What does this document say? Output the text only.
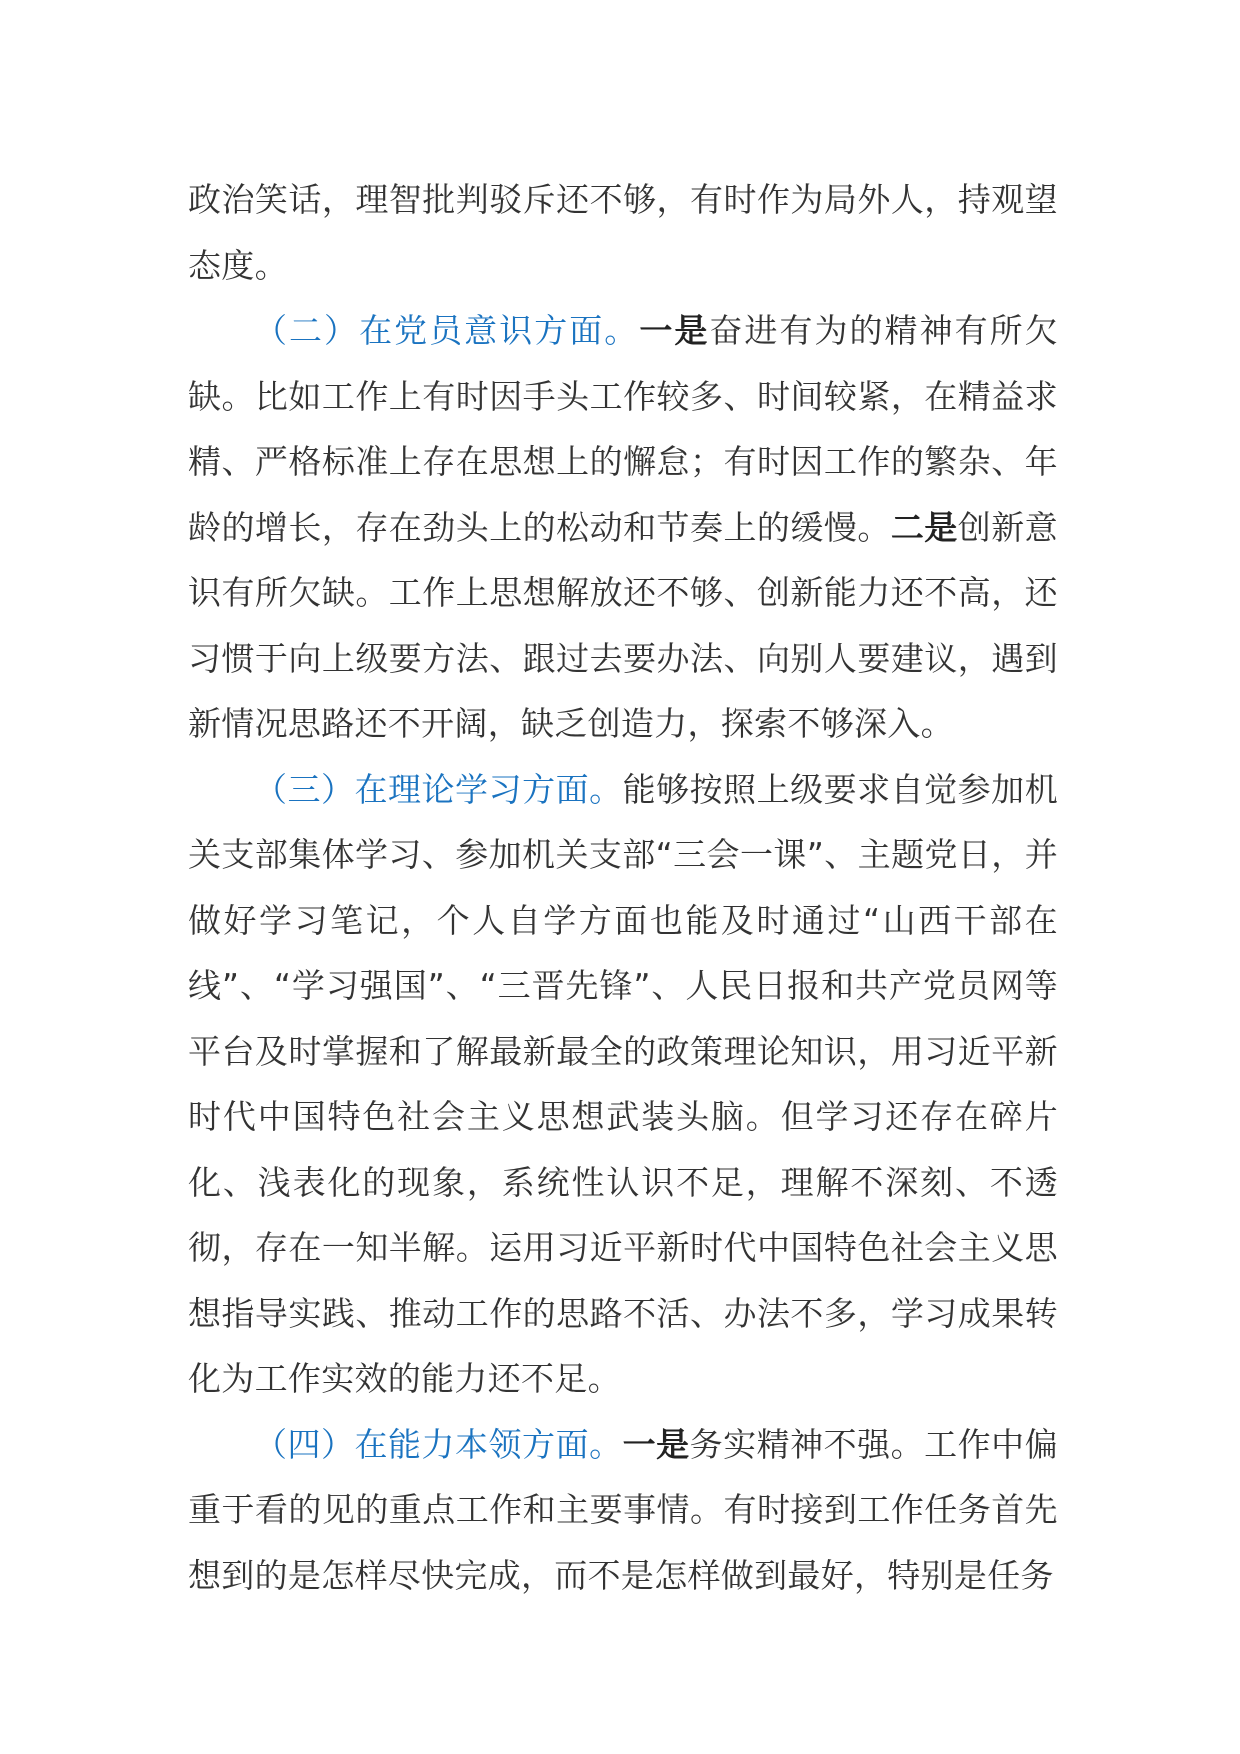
政治笑话，理智批判驳斥还不够，有时作为局外人，持观望态度。

（二）在党员意识方面。一是奋进有为的精神有所欠缺。比如工作上有时因手头工作较多、时间较紧，在精益求精、严格标准上存在思想上的懈怠；有时因工作的繁杂、年龄的增长，存在劲头上的松动和节奏上的缓慢。二是创新意识有所欠缺。工作上思想解放还不够、创新能力还不高，还习惯于向上级要方法、跟过去要办法、向别人要建议，遇到新情况思路还不开阔，缺乏创造力，探索不够深入。

（三）在理论学习方面。能够按照上级要求自觉参加机关支部集体学习、参加机关支部“三会一课”、主题党日，并做好学习笔记，个人自学方面也能及时通过“山西干部在线”、“学习强国”、“三晋先锋”、人民日报和共产党员网等平台及时掌握和了解最新最全的政策理论知识，用习近平新时代中国特色社会主义思想武装头脑。但学习还存在碎片化、浅表化的现象，系统性认识不足，理解不深刻、不透彻，存在一知半解。运用习近平新时代中国特色社会主义思想指导实践、推动工作的思路不活、办法不多，学习成果转化为工作实效的能力还不足。

（四）在能力本领方面。一是务实精神不强。工作中偏重于看的见的重点工作和主要事情。有时接到工作任务首先想到的是怎样尽快完成，而不是怎样做到最好，特别是任务
